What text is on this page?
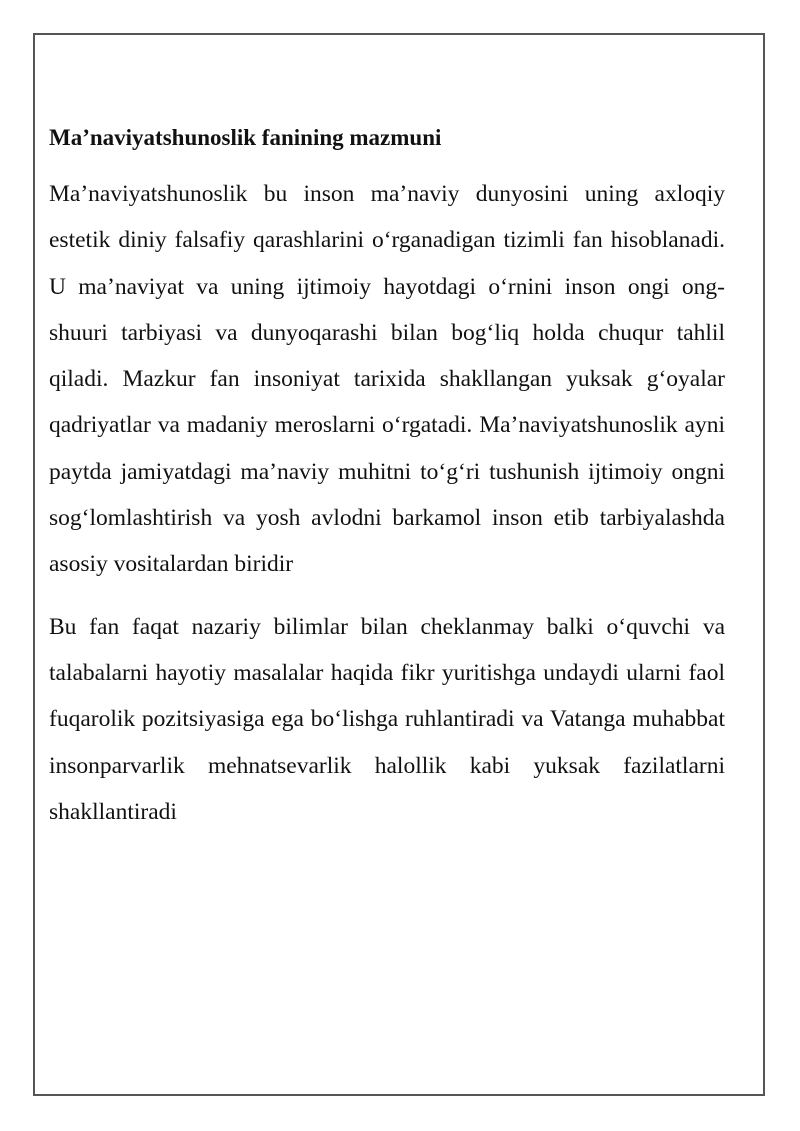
Ma’naviyatshunoslik fanining mazmuni

Ma’naviyatshunoslik bu inson ma’naviy dunyosini uning axloqiy estetik diniy falsafiy qarashlarini o‘rganadigan tizimli fan hisoblanadi. U ma’naviyat va uning ijtimoiy hayotdagi o‘rnini inson ongi ong-shuuri tarbiyasi va dunyoqarashi bilan bog‘liq holda chuqur tahlil qiladi. Mazkur fan insoniyat tarixida shakllangan yuksak g‘oyalar qadriyatlar va madaniy meroslarni o‘rgatadi. Ma’naviyatshunoslik ayni paytda jamiyatdagi ma’naviy muhitni to‘g‘ri tushunish ijtimoiy ongni sog‘lomlashtirish va yosh avlodni barkamol inson etib tarbiyalashda asosiy vositalardan biridir

Bu fan faqat nazariy bilimlar bilan cheklanmay balki o‘quvchi va talabalarni hayotiy masalalar haqida fikr yuritishga undaydi ularni faol fuqarolik pozitsiyasiga ega bo‘lishga ruhlantiradi va Vatanga muhabbat insonparvarlik mehnatsevarlik halollik kabi yuksak fazilatlarni shakllantiradi
